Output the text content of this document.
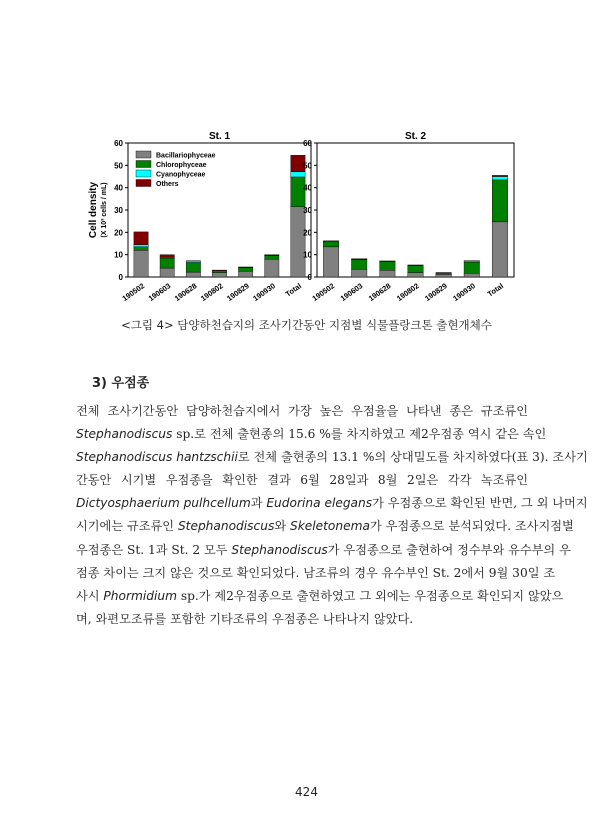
St. 1
0
10
20
30
40
50
60
190502 190603 190628 190802 190829 190930 Total
Cell density (X 10³ cells / mL)
Bacillariophyceae
Chlorophyceae
Cyanophyceae
Others
St. 2
0
10
20
30
40
50
60
190502 190603 190628 190802 190829 190930 Total
<그림 4> 담양하천습지의 조사기간동안 지점별 식물플랑크톤 출현개체수
3) 우점종
전체 조사기간동안 담양하천습지에서 가장 높은 우점율을 나타낸 종은 규조류인
Stephanodiscus sp.로 전체 출현종의 15.6 %를 차지하였고 제2우점종 역시 같은 속인
Stephanodiscus hantzschii로 전체 출현종의 13.1 %의 상대밀도를 차지하였다(표 3). 조사기
간동안 시기별 우점종을 확인한 결과 6월 28일과 8월 2일은 각각 녹조류인
Dictyosphaerium pulhcellum과 Eudorina elegans가 우점종으로 확인된 반면, 그 외 나머지
시기에는 규조류인 Stephanodiscus와 Skeletonema가 우점종으로 분석되었다. 조사지점별
우점종은 St. 1과 St. 2 모두 Stephanodiscus가 우점종으로 출현하여 정수부와 유수부의 우
점종 차이는 크지 않은 것으로 확인되었다. 남조류의 경우 유수부인 St. 2에서 9월 30일 조
사시 Phormidium sp.가 제2우점종으로 출현하였고 그 외에는 우점종으로 확인되지 않았으
며, 와편모조류를 포함한 기타조류의 우점종은 나타나지 않았다.
424
